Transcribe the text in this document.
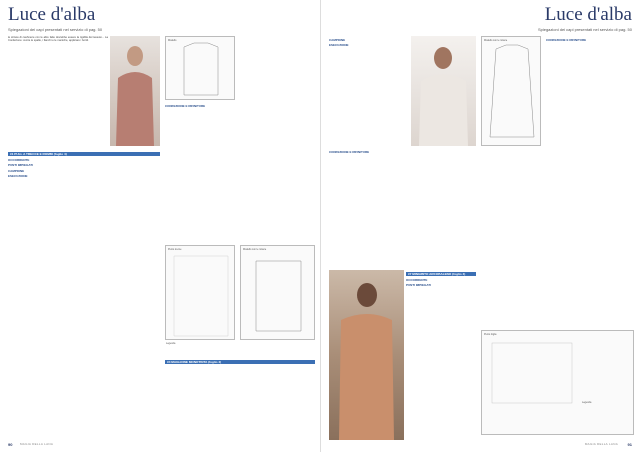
Luce d'alba
Spiegazioni dei capi presentati nel servizio di pag. 50

le strisce di cashmere con le altre fatte dovrebbe essere la rigidità del tessuto... La Confezione: cucire le spalle, i fianchi e le maniche, applicare i bordi.

#1 PULL A TRECCE E ROMBI (foglio 4)
OCCORRENTE
PUNTI IMPIEGATI
CAMPIONE
ESECUZIONE
Modello
CONFEZIONE E RIFINITURE
Punto trecce	Modello con le misure
Legenda
#4 MAGLIONE MONOTINTA (foglio 4)
90	MAGIA DELLA LANA
Luce d'alba
Spiegazioni dei capi presentati nel servizio di pag. 50
CAMPIONE
ESECUZIONE
CONFEZIONE E RIFINITURE
#7 MINIABITO ARCOBALENO (foglio 4)
OCCORRENTE
PUNTI IMPIEGATI
Modello con le misure	CONFEZIONE E RIFINITURE
Punto foglie
Legenda
91
MAGIA DELLA LANA
